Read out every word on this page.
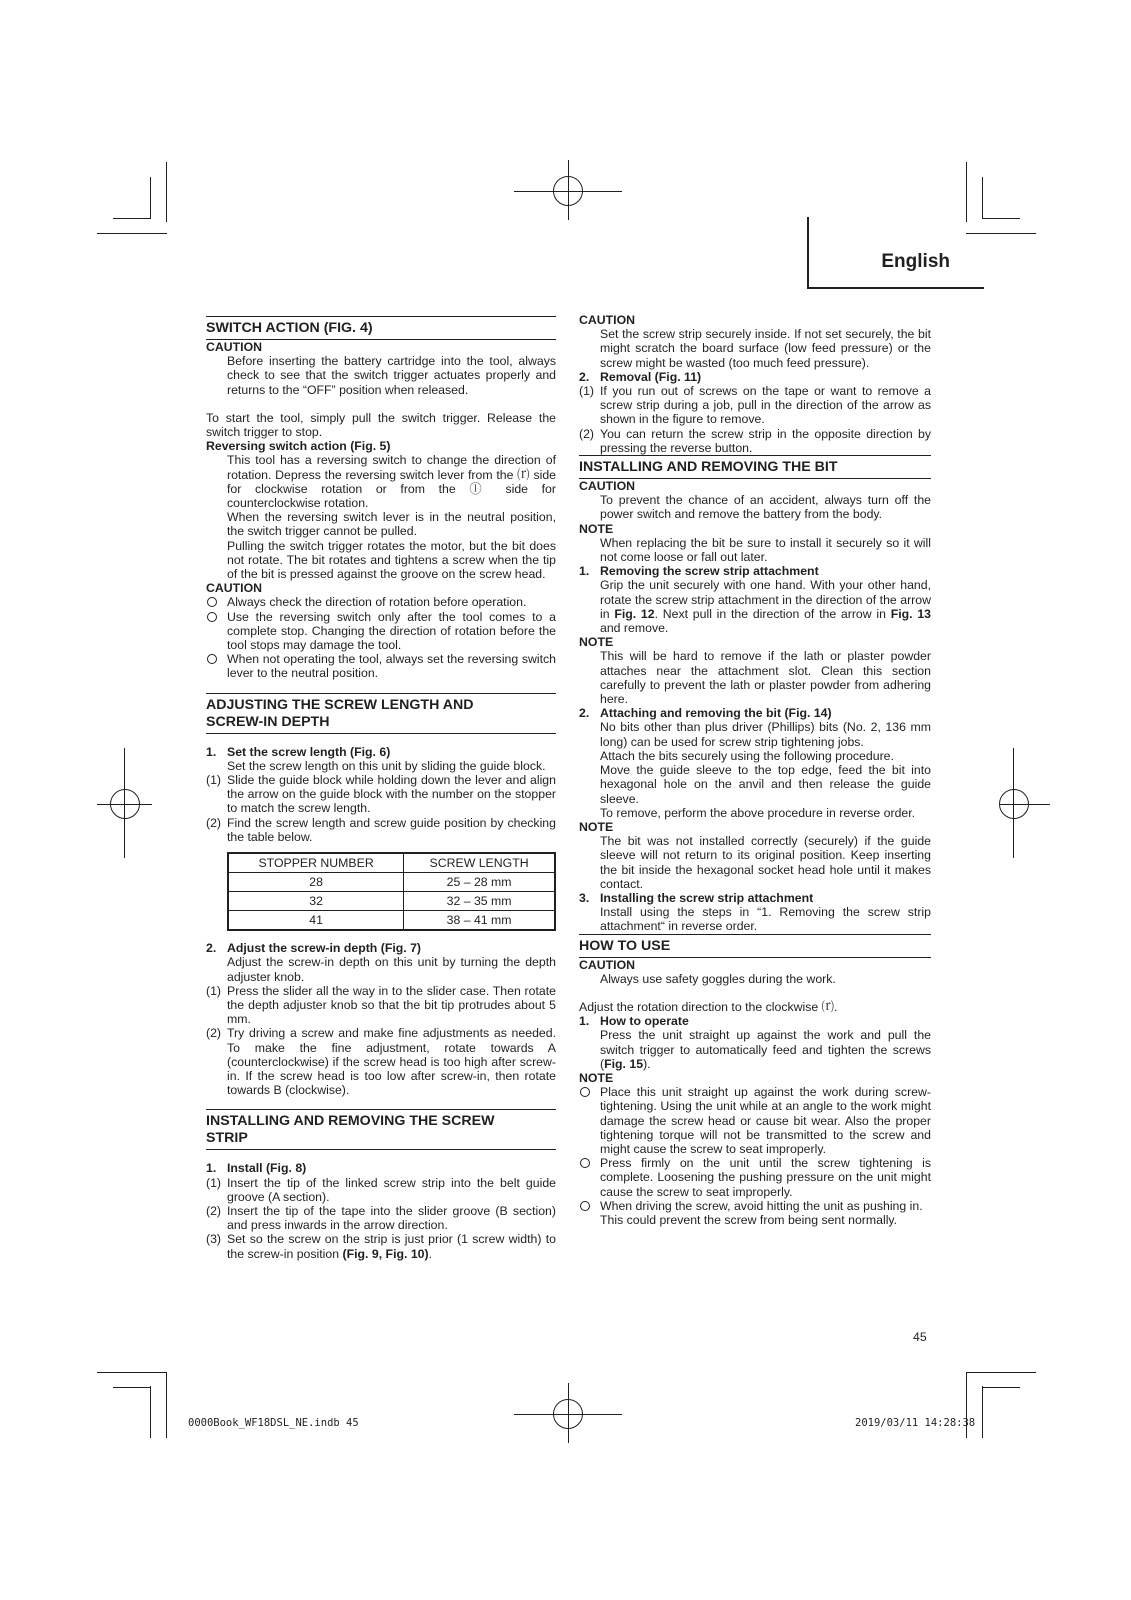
English

SWITCH ACTION (FIG. 4)

CAUTION

Before inserting the battery cartridge into the tool, always check to see that the switch trigger actuates properly and returns to the “OFF” position when released.

To start the tool, simply pull the switch trigger. Release the switch trigger to stop.

Reversing switch action (Fig. 5)

This tool has a reversing switch to change the direction of rotation. Depress the reversing switch lever from the ⒭ side for clockwise rotation or from the ⓛ side for counterclockwise rotation.

When the reversing switch lever is in the neutral position, the switch trigger cannot be pulled.

Pulling the switch trigger rotates the motor, but the bit does not rotate. The bit rotates and tightens a screw when the tip of the bit is pressed against the groove on the screw head.

CAUTION

Always check the direction of rotation before operation.
Use the reversing switch only after the tool comes to a complete stop. Changing the direction of rotation before the tool stops may damage the tool.
When not operating the tool, always set the reversing switch lever to the neutral position.
ADJUSTING THE SCREW LENGTH AND
SCREW-IN DEPTH
1. Set the screw length (Fig. 6)

Set the screw length on this unit by sliding the guide block.

(1) Slide the guide block while holding down the lever and align the arrow on the guide block with the number on the stopper to match the screw length.
(2) Find the screw length and screw guide position by checking the table below.
STOPPER NUMBER	SCREW LENGTH
28	25 – 28 mm
32	32 – 35 mm
41	38 – 41 mm
2. Adjust the screw-in depth (Fig. 7)

Adjust the screw-in depth on this unit by turning the depth adjuster knob.

(1) Press the slider all the way in to the slider case. Then rotate the depth adjuster knob so that the bit tip protrudes about 5 mm.
(2) Try driving a screw and make fine adjustments as needed. To make the fine adjustment, rotate towards A (counterclockwise) if the screw head is too high after screw-in. If the screw head is too low after screw-in, then rotate towards B (clockwise).
INSTALLING AND REMOVING THE SCREW
STRIP
1. Install (Fig. 8)
(1) Insert the tip of the linked screw strip into the belt guide groove (A section).
(2) Insert the tip of the tape into the slider groove (B section) and press inwards in the arrow direction.
(3) Set so the screw on the strip is just prior (1 screw width) to the screw-in position (Fig. 9, Fig. 10).

CAUTION

Set the screw strip securely inside. If not set securely, the bit might scratch the board surface (low feed pressure) or the screw might be wasted (too much feed pressure).

2. Removal (Fig. 11)
(1) If you run out of screws on the tape or want to remove a screw strip during a job, pull in the direction of the arrow as shown in the figure to remove.
(2) You can return the screw strip in the opposite direction by pressing the reverse button.

INSTALLING AND REMOVING THE BIT

CAUTION

To prevent the chance of an accident, always turn off the power switch and remove the battery from the body.

NOTE

When replacing the bit be sure to install it securely so it will not come loose or fall out later.

1. Removing the screw strip attachment

Grip the unit securely with one hand. With your other hand, rotate the screw strip attachment in the direction of the arrow in Fig. 12. Next pull in the direction of the arrow in Fig. 13 and remove.

NOTE

This will be hard to remove if the lath or plaster powder attaches near the attachment slot. Clean this section carefully to prevent the lath or plaster powder from adhering here.

2. Attaching and removing the bit (Fig. 14)

No bits other than plus driver (Phillips) bits (No. 2, 136 mm long) can be used for screw strip tightening jobs.

Attach the bits securely using the following procedure.

Move the guide sleeve to the top edge, feed the bit into hexagonal hole on the anvil and then release the guide sleeve.

To remove, perform the above procedure in reverse order.

NOTE

The bit was not installed correctly (securely) if the guide sleeve will not return to its original position. Keep inserting the bit inside the hexagonal socket head hole until it makes contact.

3. Installing the screw strip attachment

Install using the steps in “1. Removing the screw strip attachment“ in reverse order.

HOW TO USE

CAUTION

Always use safety goggles during the work.

Adjust the rotation direction to the clockwise ⒭.

1. How to operate

Press the unit straight up against the work and pull the switch trigger to automatically feed and tighten the screws (Fig. 15).

NOTE

Place this unit straight up against the work during screw-tightening. Using the unit while at an angle to the work might damage the screw head or cause bit wear. Also the proper tightening torque will not be transmitted to the screw and might cause the screw to seat improperly.
Press firmly on the unit until the screw tightening is complete. Loosening the pushing pressure on the unit might cause the screw to seat improperly.
When driving the screw, avoid hitting the unit as pushing in.

This could prevent the screw from being sent normally.

45
0000Book_WF18DSL_NE.indb 45	2019/03/11 14:28:38
